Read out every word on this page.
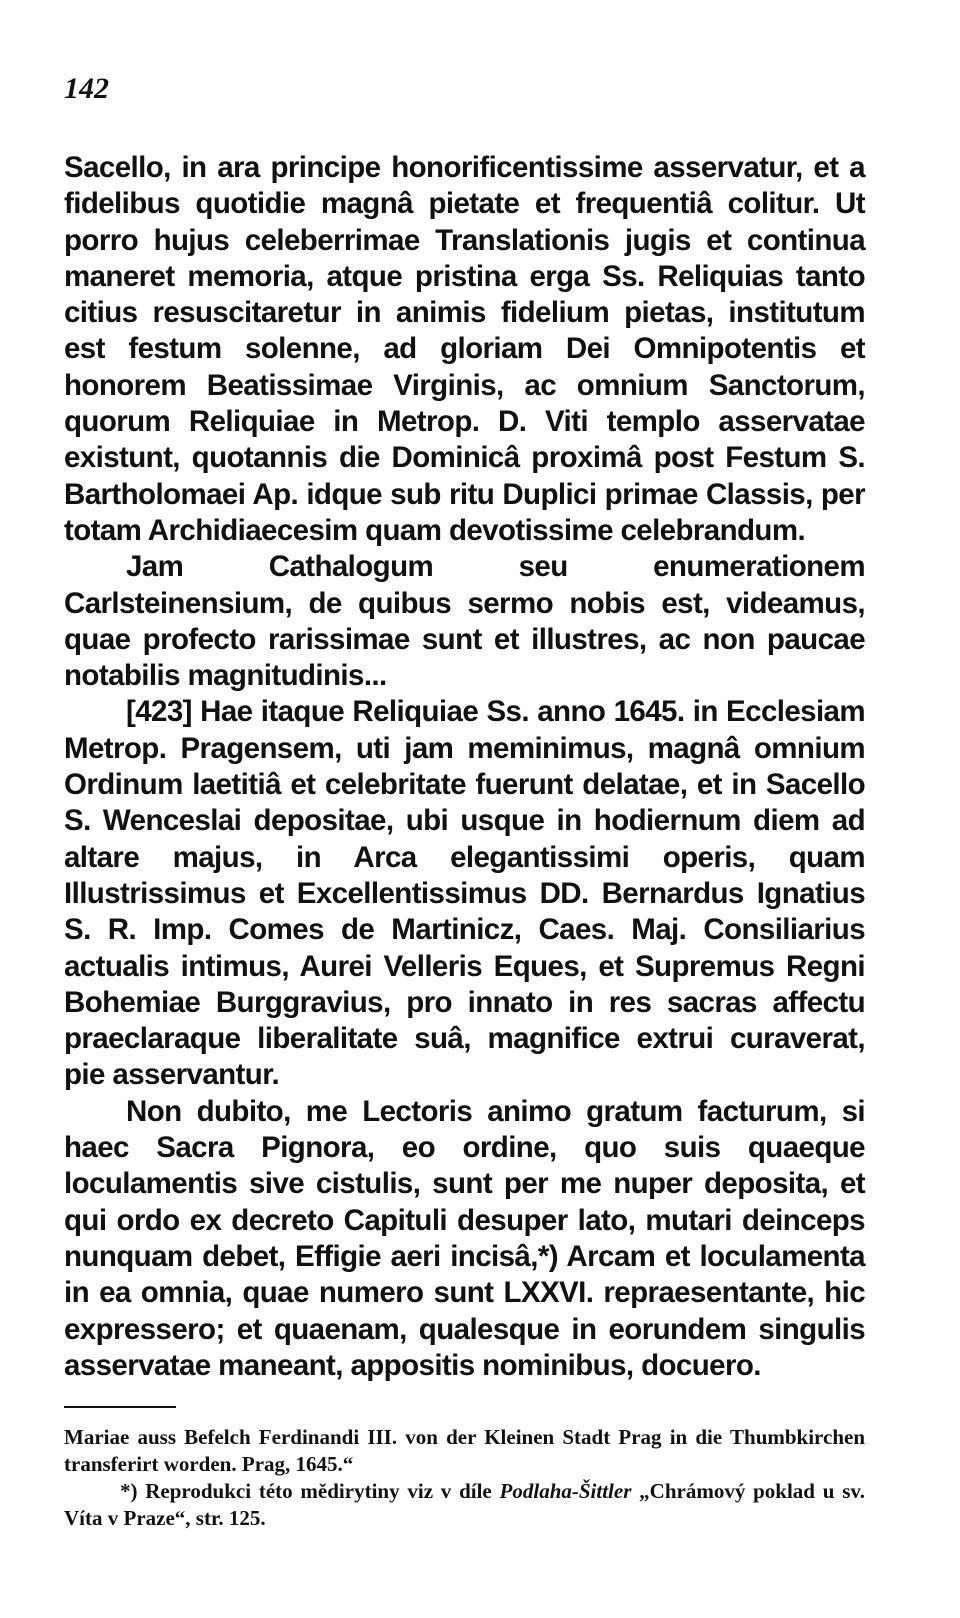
142

Sacello, in ara principe honorificentissime asservatur, et a fidelibus quotidie magnâ pietate et frequentiâ colitur. Ut porro hujus celeberrimae Translationis jugis et continua maneret memoria, atque pristina erga Ss. Reliquias tanto citius resuscitaretur in animis fidelium pietas, institutum est festum solenne, ad gloriam Dei Omnipotentis et honorem Beatissimae Virginis, ac omnium Sanctorum, quorum Reliquiae in Metrop. D. Viti templo asservatae existunt, quotannis die Dominicâ proximâ post Festum S. Bartholomaei Ap. idque sub ritu Duplici primae Classis, per totam Archidiaecesim quam devotissime celebrandum.

Jam Cathalogum seu enumerationem Carlsteinensium, de quibus sermo nobis est, videamus, quae profecto rarissimae sunt et illustres, ac non paucae notabilis magnitudinis...

[423] Hae itaque Reliquiae Ss. anno 1645. in Ecclesiam Metrop. Pragensem, uti jam meminimus, magnâ omnium Ordinum laetitiâ et celebritate fuerunt delatae, et in Sacello S. Wenceslai depositae, ubi usque in hodiernum diem ad altare majus, in Arca elegantissimi operis, quam Illustrissimus et Excellentissimus DD. Bernardus Ignatius S. R. Imp. Comes de Martinicz, Caes. Maj. Consiliarius actualis intimus, Aurei Velleris Eques, et Supremus Regni Bohemiae Burggravius, pro innato in res sacras affectu praeclaraque liberalitate suâ, magnifice extrui curaverat, pie asservantur.

Non dubito, me Lectoris animo gratum facturum, si haec Sacra Pignora, eo ordine, quo suis quaeque loculamentis sive cistulis, sunt per me nuper deposita, et qui ordo ex decreto Capituli desuper lato, mutari deinceps nunquam debet, Effigie aeri incisâ,*) Arcam et loculamenta in ea omnia, quae numero sunt LXXVI. repraesentante, hic expressero; et quaenam, qualesque in eorundem singulis asservatae maneant, appositis nominibus, docuero.

Mariae auss Befelch Ferdinandi III. von der Kleinen Stadt Prag in die Thumbkirchen transferirt worden. Prag, 1645.“

*) Reprodukci této mědirytiny viz v díle Podlaha-Šittler „Chrámový poklad u sv. Víta v Praze“, str. 125.
